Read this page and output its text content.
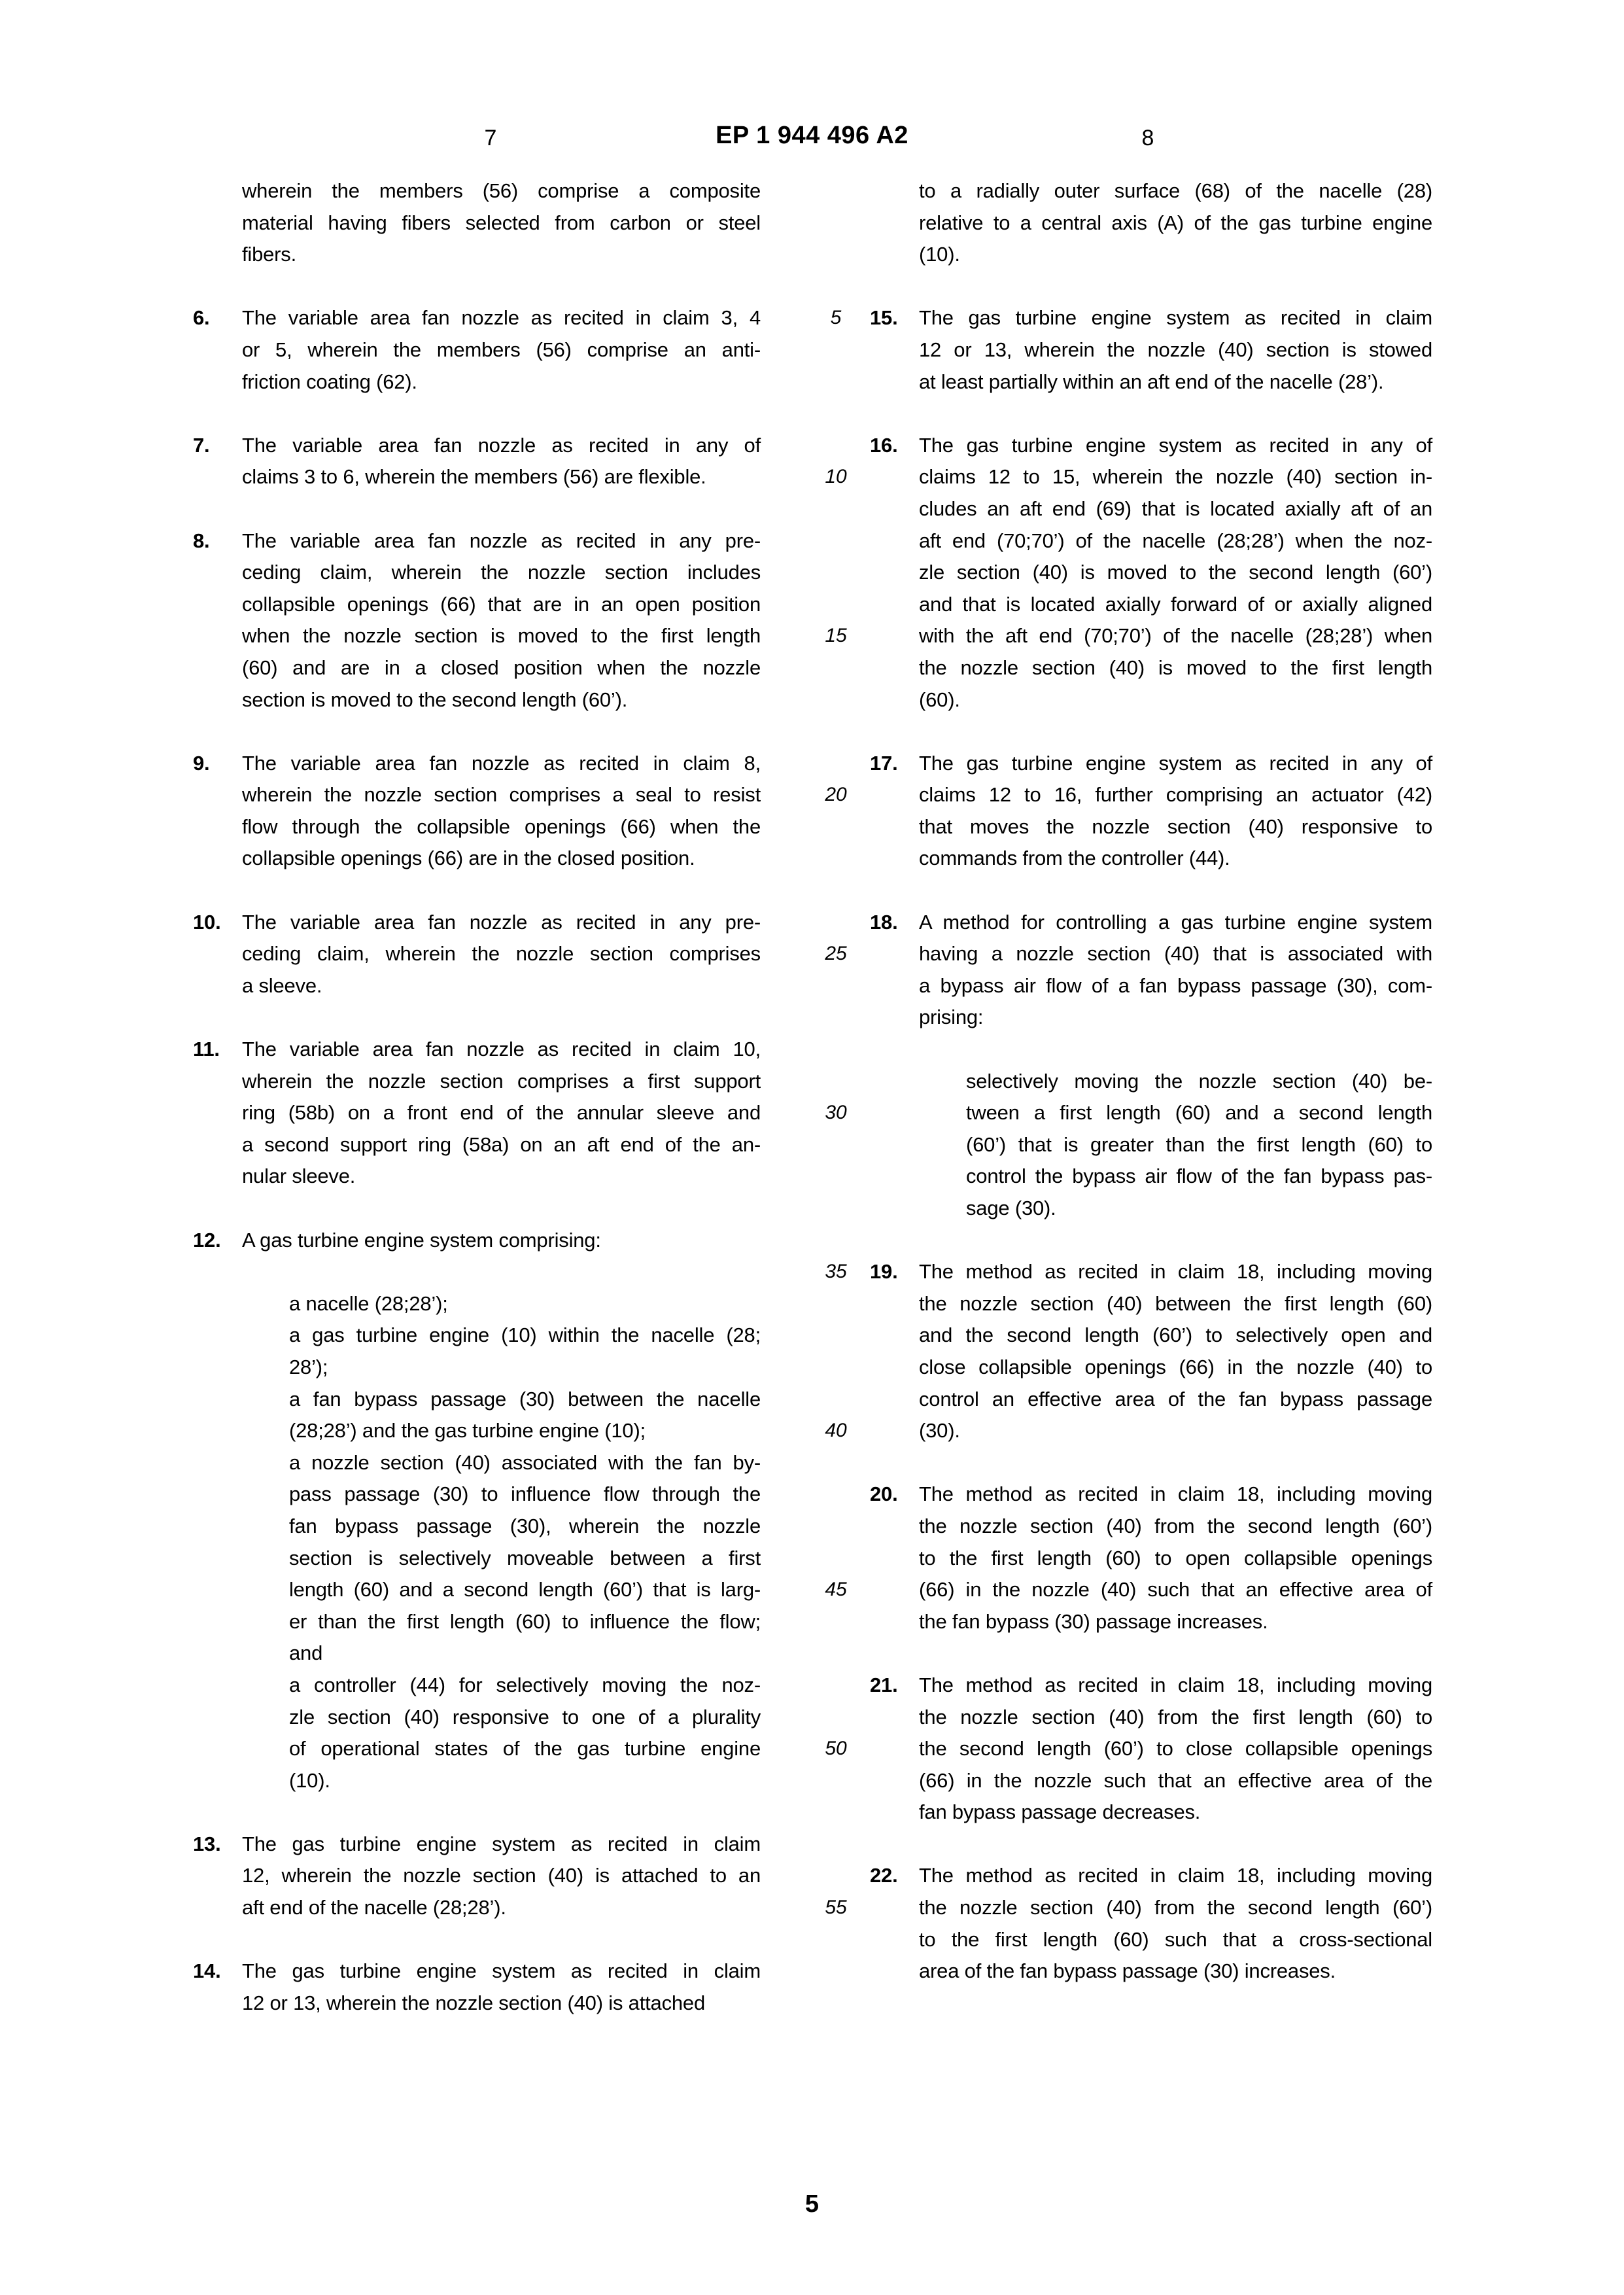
7	EP 1 944 496 A2	8
5
10
15
20
25
30
35
40
45
50
55
wherein the members (56) comprise a composite
material having fibers selected from carbon or steel
fibers.
6. The variable area fan nozzle as recited in claim 3, 4
or 5, wherein the members (56) comprise an anti-
friction coating (62).
7. The variable area fan nozzle as recited in any of
claims 3 to 6, wherein the members (56) are flexible.
8. The variable area fan nozzle as recited in any pre-
ceding claim, wherein the nozzle section includes
collapsible openings (66) that are in an open position
when the nozzle section is moved to the first length
(60) and are in a closed position when the nozzle
section is moved to the second length (60’).
9. The variable area fan nozzle as recited in claim 8,
wherein the nozzle section comprises a seal to resist
flow through the collapsible openings (66) when the
collapsible openings (66) are in the closed position.
10. The variable area fan nozzle as recited in any pre-
ceding claim, wherein the nozzle section comprises
a sleeve.
11. The variable area fan nozzle as recited in claim 10,
wherein the nozzle section comprises a first support
ring (58b) on a front end of the annular sleeve and
a second support ring (58a) on an aft end of the an-
nular sleeve.
12. A gas turbine engine system comprising:
a nacelle (28;28’);
a gas turbine engine (10) within the nacelle (28;
28’);
a fan bypass passage (30) between the nacelle
(28;28’) and the gas turbine engine (10);
a nozzle section (40) associated with the fan by-
pass passage (30) to influence flow through the
fan bypass passage (30), wherein the nozzle
section is selectively moveable between a first
length (60) and a second length (60’) that is larg-
er than the first length (60) to influence the flow;
and
a controller (44) for selectively moving the noz-
zle section (40) responsive to one of a plurality
of operational states of the gas turbine engine
(10).
13. The gas turbine engine system as recited in claim
12, wherein the nozzle section (40) is attached to an
aft end of the nacelle (28;28’).
14. The gas turbine engine system as recited in claim
12 or 13, wherein the nozzle section (40) is attached
to a radially outer surface (68) of the nacelle (28)
relative to a central axis (A) of the gas turbine engine
(10).
15. The gas turbine engine system as recited in claim
12 or 13, wherein the nozzle (40) section is stowed
at least partially within an aft end of the nacelle (28’).
16. The gas turbine engine system as recited in any of
claims 12 to 15, wherein the nozzle (40) section in-
cludes an aft end (69) that is located axially aft of an
aft end (70;70’) of the nacelle (28;28’) when the noz-
zle section (40) is moved to the second length (60’)
and that is located axially forward of or axially aligned
with the aft end (70;70’) of the nacelle (28;28’) when
the nozzle section (40) is moved to the first length
(60).
17. The gas turbine engine system as recited in any of
claims 12 to 16, further comprising an actuator (42)
that moves the nozzle section (40) responsive to
commands from the controller (44).
18. A method for controlling a gas turbine engine system
having a nozzle section (40) that is associated with
a bypass air flow of a fan bypass passage (30), com-
prising:
selectively moving the nozzle section (40) be-
tween a first length (60) and a second length
(60’) that is greater than the first length (60) to
control the bypass air flow of the fan bypass pas-
sage (30).
19. The method as recited in claim 18, including moving
the nozzle section (40) between the first length (60)
and the second length (60’) to selectively open and
close collapsible openings (66) in the nozzle (40) to
control an effective area of the fan bypass passage
(30).
20. The method as recited in claim 18, including moving
the nozzle section (40) from the second length (60’)
to the first length (60) to open collapsible openings
(66) in the nozzle (40) such that an effective area of
the fan bypass (30) passage increases.
21. The method as recited in claim 18, including moving
the nozzle section (40) from the first length (60) to
the second length (60’) to close collapsible openings
(66) in the nozzle such that an effective area of the
fan bypass passage decreases.
22. The method as recited in claim 18, including moving
the nozzle section (40) from the second length (60’)
to the first length (60) such that a cross-sectional
area of the fan bypass passage (30) increases.
5
